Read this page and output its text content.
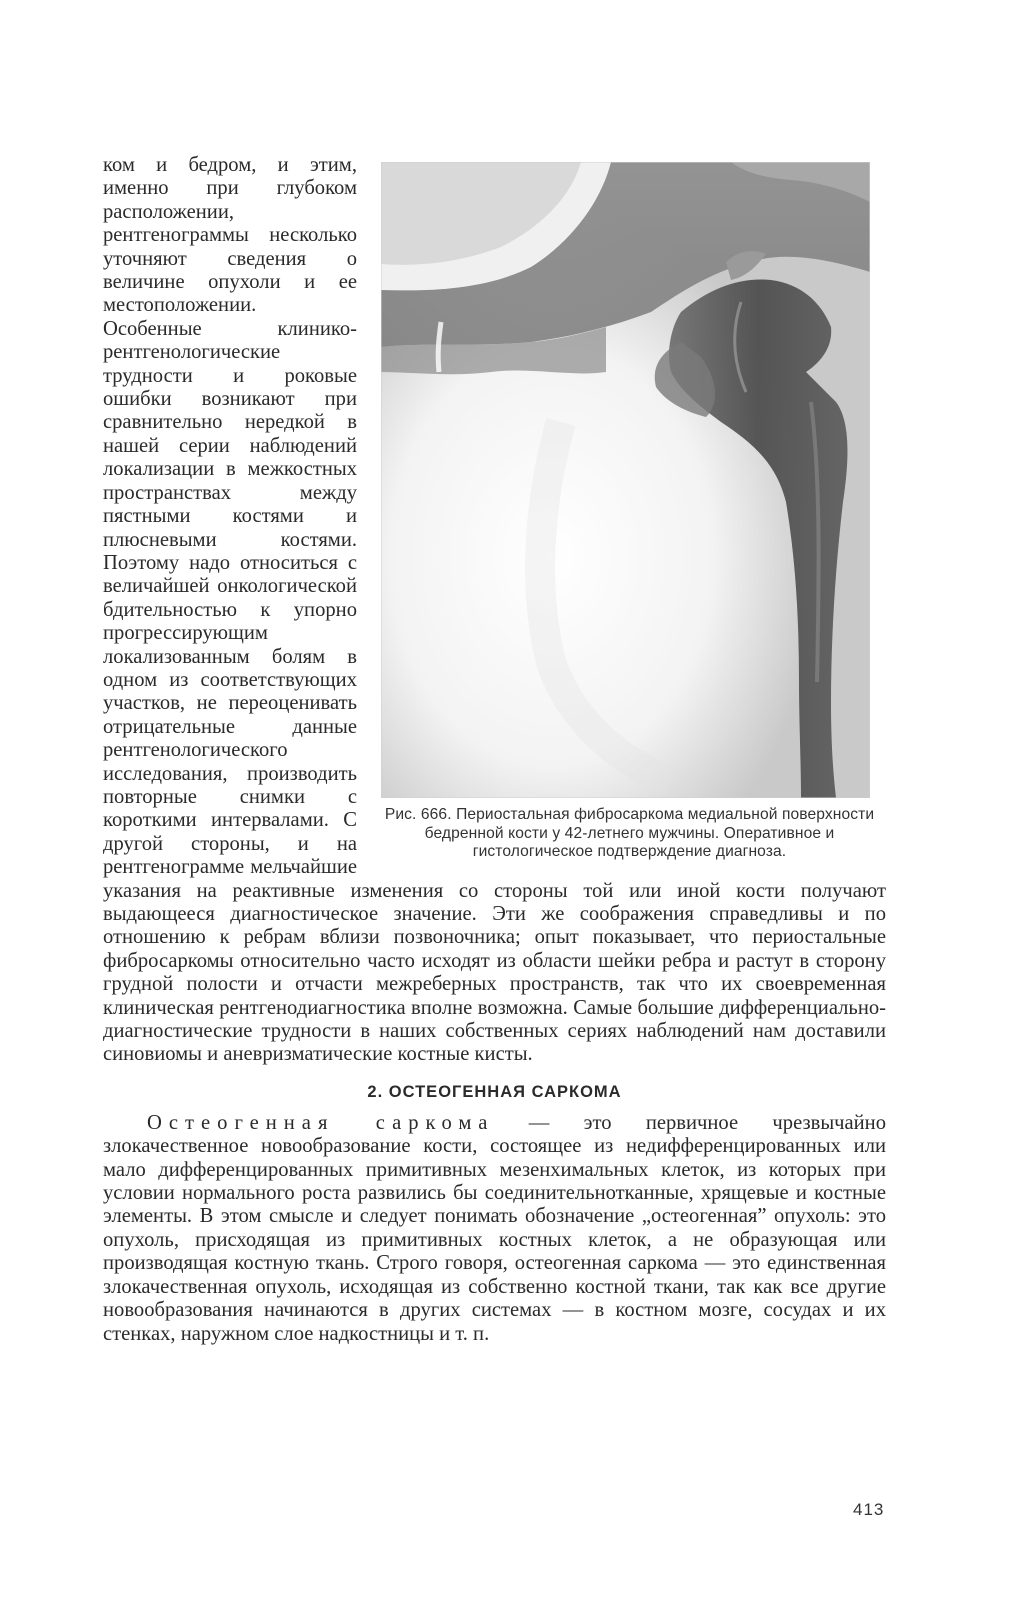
Рис. 666. Периостальная фибросаркома медиальной поверхности бедренной кости у 42-летнего мужчины. Оперативное и гистологическое подтверждение диагноза.
ком и бедром, и этим, именно при глубоком расположении, рентгенограммы несколько уточняют сведения о величине опухоли и ее местоположении. Особенные клинико-рентгенологические трудности и роковые ошибки возникают при сравнительно нередкой в нашей серии наблюдений локализации в межкостных пространствах между пястными костями и плюсневыми костями. Поэтому надо относиться с величайшей онкологической бдительностью к упорно прогрессирующим локализованным болям в одном из соответствующих участков, не переоценивать отрицательные данные рентгенологического исследования, производить повторные снимки с короткими интервалами. С другой стороны, и на рентгенограмме мельчайшие указания на реактивные изменения со стороны той или иной кости получают выдающееся диагностическое значение. Эти же соображения справедливы и по отношению к ребрам вблизи позвоночника; опыт показывает, что периостальные фибросаркомы относительно часто исходят из области шейки ребра и растут в сторону грудной полости и отчасти межреберных пространств, так что их своевременная клиническая рентгенодиагностика вполне возможна. Самые большие дифференциально-диагностические трудности в наших собственных сериях наблюдений нам доставили синовиомы и аневризматические костные кисты.

2. ОСТЕОГЕННАЯ САРКОМА

Остеогенная саркома — это первичное чрезвычайно злокачественное новообразование кости, состоящее из недифференцированных или мало дифференцированных примитивных мезенхимальных клеток, из которых при условии нормального роста развились бы соединительнотканные, хрящевые и костные элементы. В этом смысле и следует понимать обозначение „остеогенная” опухоль: это опухоль, присходящая из примитивных костных клеток, а не образующая или производящая костную ткань. Строго говоря, остеогенная саркома — это единственная злокачественная опухоль, исходящая из собственно костной ткани, так как все другие новообразования начинаются в других системах — в костном мозге, сосудах и их стенках, наружном слое надкостницы и т. п.

413
